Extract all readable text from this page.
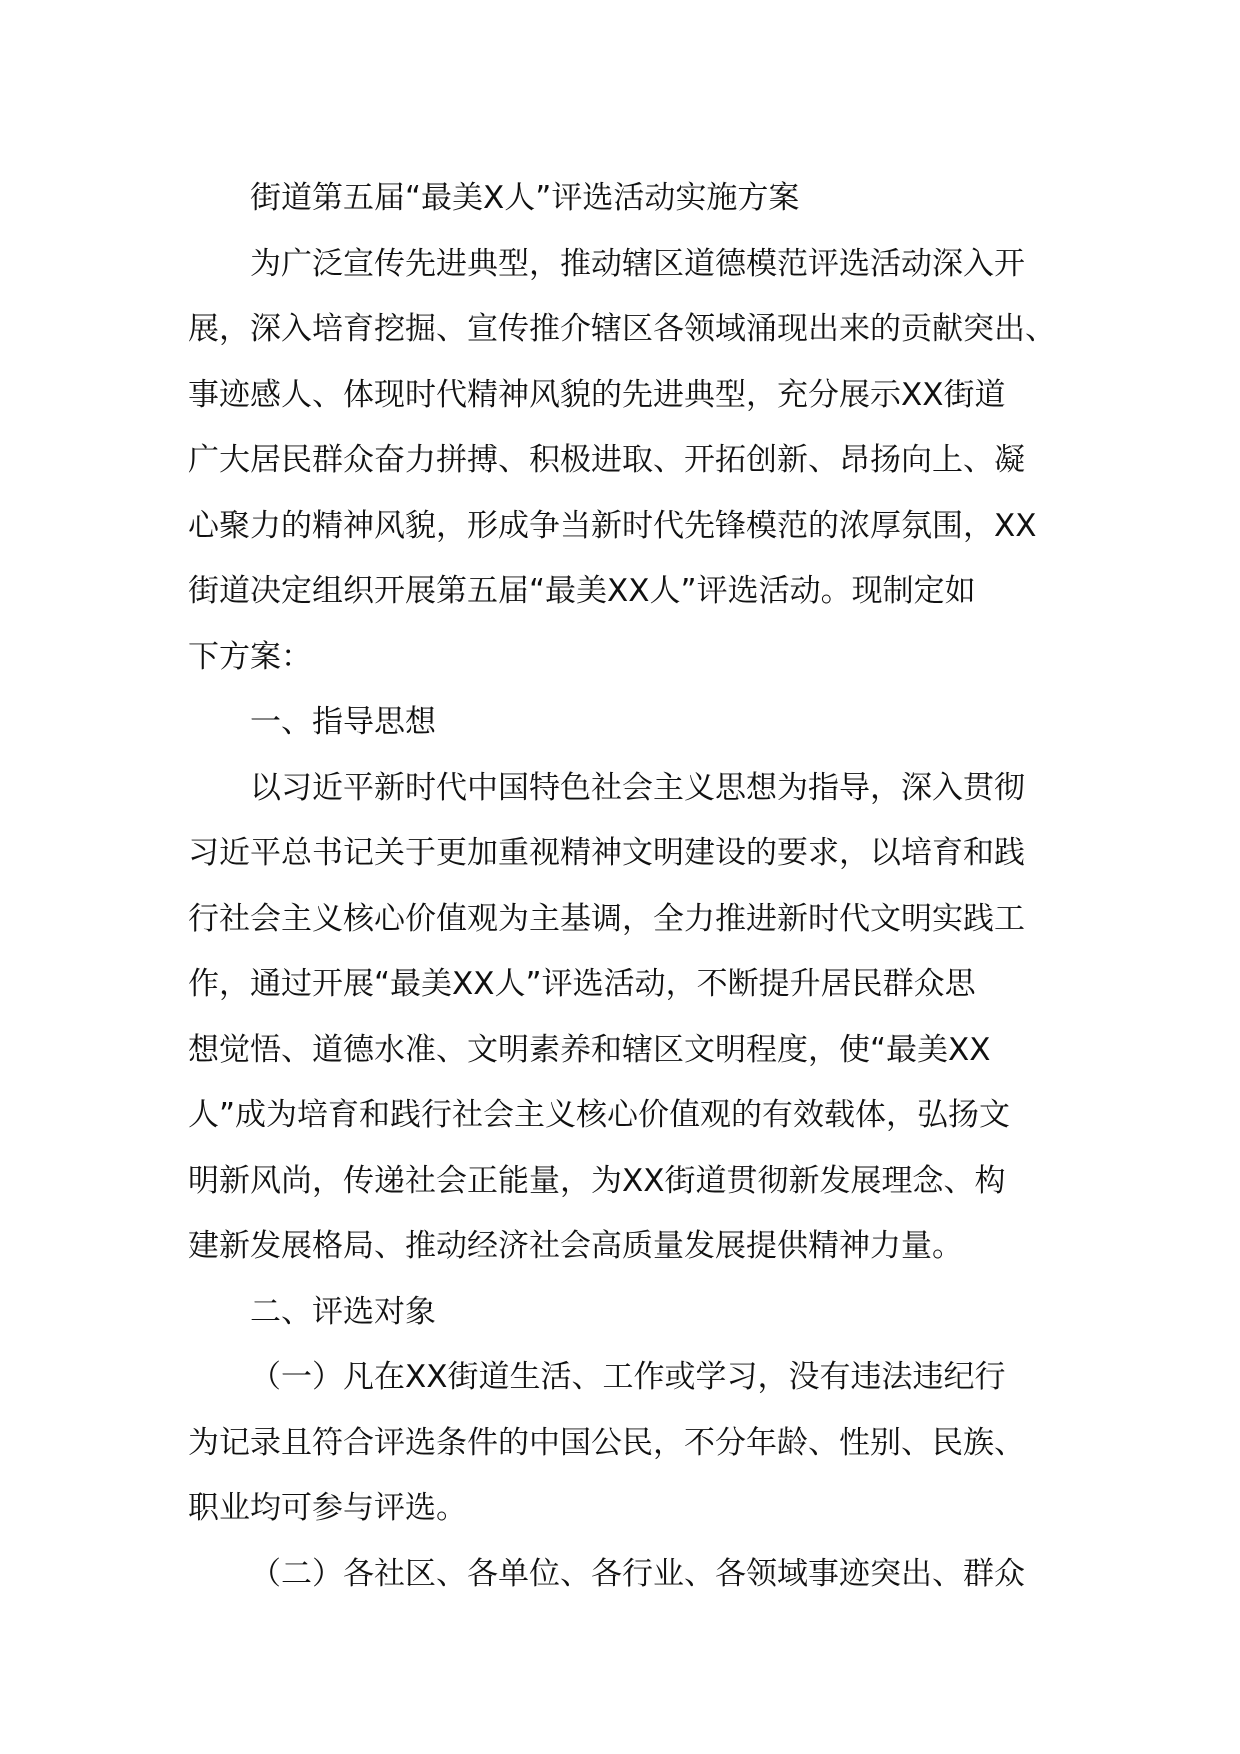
街道第五届“最美X人”评选活动实施方案
为广泛宣传先进典型，推动辖区道德模范评选活动深入开
展，深入培育挖掘、宣传推介辖区各领域涌现出来的贡献突出、
事迹感人、体现时代精神风貌的先进典型，充分展示XX街道
广大居民群众奋力拼搏、积极进取、开拓创新、昂扬向上、凝
心聚力的精神风貌，形成争当新时代先锋模范的浓厚氛围，XX
街道决定组织开展第五届“最美XX人”评选活动。现制定如
下方案：
一、指导思想
以习近平新时代中国特色社会主义思想为指导，深入贯彻
习近平总书记关于更加重视精神文明建设的要求，以培育和践
行社会主义核心价值观为主基调，全力推进新时代文明实践工
作，通过开展“最美XX人”评选活动，不断提升居民群众思
想觉悟、道德水准、文明素养和辖区文明程度，使“最美XX
人”成为培育和践行社会主义核心价值观的有效载体，弘扬文
明新风尚，传递社会正能量，为XX街道贯彻新发展理念、构
建新发展格局、推动经济社会高质量发展提供精神力量。
二、评选对象
（一）凡在XX街道生活、工作或学习，没有违法违纪行
为记录且符合评选条件的中国公民，不分年龄、性别、民族、
职业均可参与评选。
（二）各社区、各单位、各行业、各领域事迹突出、群众
